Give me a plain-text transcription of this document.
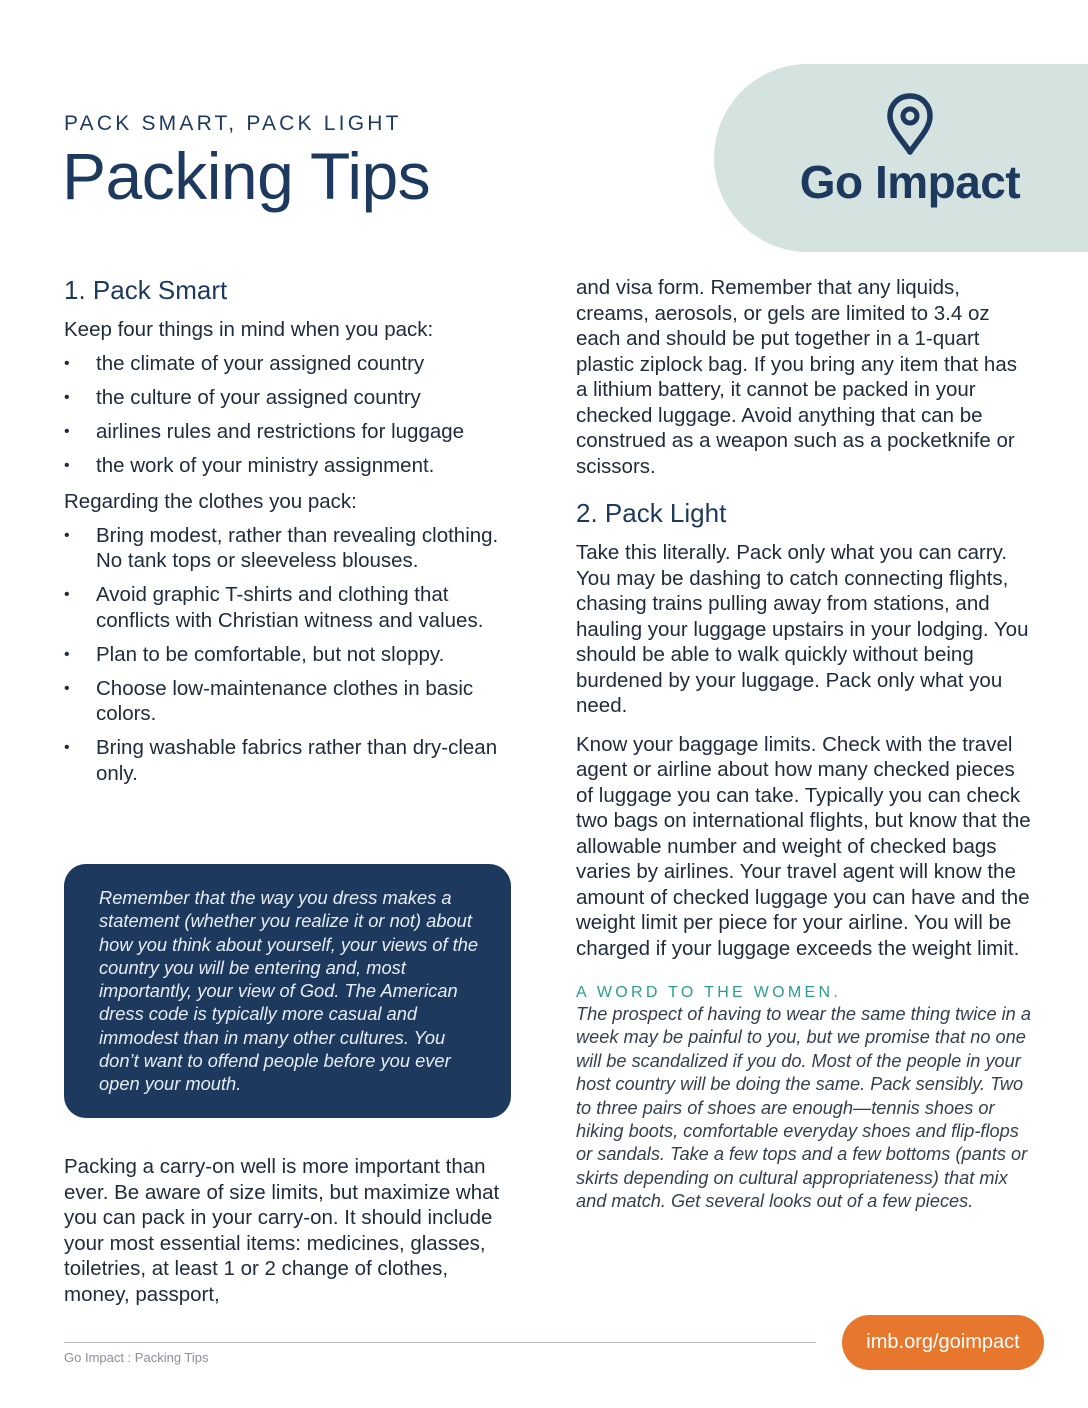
Go Impact
PACK SMART, PACK LIGHT
Packing Tips
1. Pack Smart

Keep four things in mind when you pack:

• the climate of your assigned country
• the culture of your assigned country
• airlines rules and restrictions for luggage
• the work of your ministry assignment.

Regarding the clothes you pack:

• Bring modest, rather than revealing clothing. No tank tops or sleeveless blouses.
• Avoid graphic T-shirts and clothing that conflicts with Christian witness and values.
• Plan to be comfortable, but not sloppy.
• Choose low-maintenance clothes in basic colors.
• Bring washable fabrics rather than dry-clean only.

Remember that the way you dress makes a statement (whether you realize it or not) about how you think about yourself, your views of the country you will be entering and, most importantly, your view of God. The American dress code is typically more casual and immodest than in many other cultures. You don’t want to offend people before you ever open your mouth.

Packing a carry-on well is more important than ever. Be aware of size limits, but maximize what you can pack in your carry-on. It should include your most essential items: medicines, glasses, toiletries, at least 1 or 2 change of clothes, money, passport,

and visa form. Remember that any liquids, creams, aerosols, or gels are limited to 3.4 oz each and should be put together in a 1-quart plastic ziplock bag. If you bring any item that has a lithium battery, it cannot be packed in your checked luggage. Avoid anything that can be construed as a weapon such as a pocketknife or scissors.

2. Pack Light

Take this literally. Pack only what you can carry. You may be dashing to catch connecting flights, chasing trains pulling away from stations, and hauling your luggage upstairs in your lodging. You should be able to walk quickly without being burdened by your luggage. Pack only what you need.

Know your baggage limits. Check with the travel agent or airline about how many checked pieces of luggage you can take. Typically you can check two bags on international flights, but know that the allowable number and weight of checked bags varies by airlines. Your travel agent will know the amount of checked luggage you can have and the weight limit per piece for your airline. You will be charged if your luggage exceeds the weight limit.

A WORD TO THE WOMEN.

The prospect of having to wear the same thing twice in a week may be painful to you, but we promise that no one will be scandalized if you do. Most of the people in your host country will be doing the same. Pack sensibly. Two to three pairs of shoes are enough—tennis shoes or hiking boots, comfortable everyday shoes and flip-flops or sandals. Take a few tops and a few bottoms (pants or skirts depending on cultural appropriateness) that mix and match. Get several looks out of a few pieces.

Go Impact : Packing Tips
imb.org/goimpact
